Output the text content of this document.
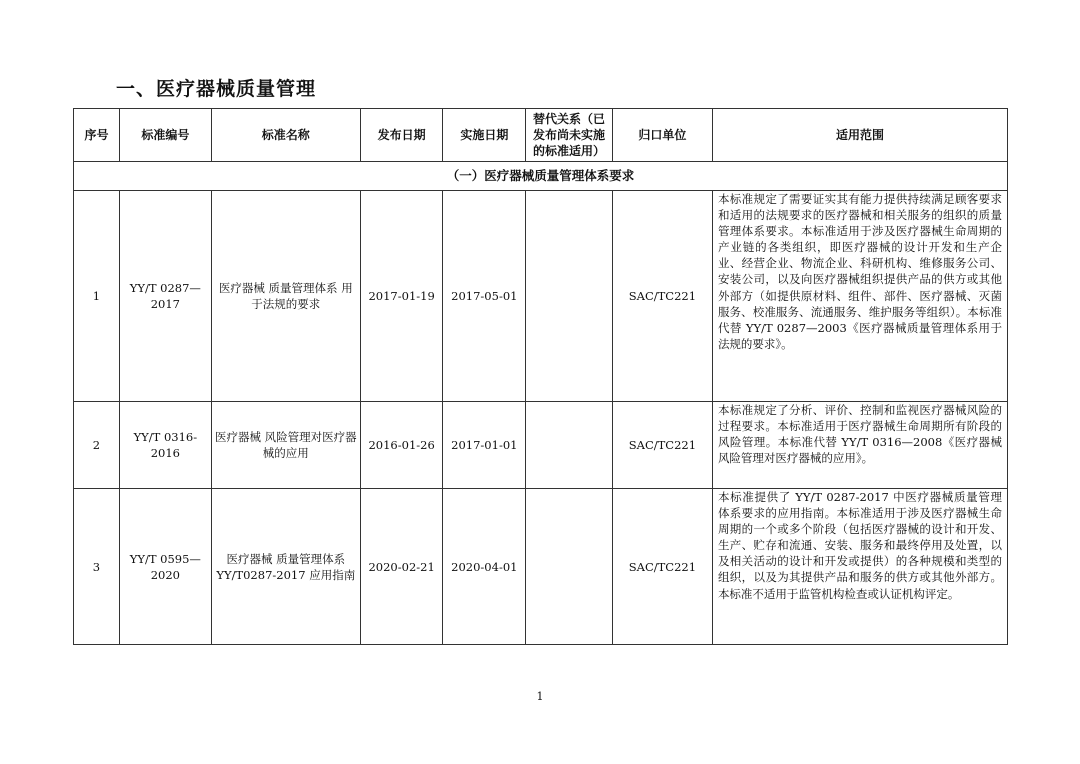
一、医疗器械质量管理
序号	标准编号	标准名称	发布日期	实施日期	替代关系（已发布尚未实施的标准适用）	归口单位	适用范围
（一）医疗器械质量管理体系要求							
1	YY/T 0287—2017	医疗器械 质量管理体系 用于法规的要求	2017-01-19	2017-05-01		SAC/TC221	本标准规定了需要证实其有能力提供持续满足顾客要求和适用的法规要求的医疗器械和相关服务的组织的质量管理体系要求。本标准适用于涉及医疗器械生命周期的产业链的各类组织，即医疗器械的设计开发和生产企业、经营企业、物流企业、科研机构、维修服务公司、安装公司，以及向医疗器械组织提供产品的供方或其他外部方（如提供原材料、组件、部件、医疗器械、灭菌服务、校准服务、流通服务、维护服务等组织）。本标准代替 YY/T 0287—2003《医疗器械质量管理体系用于法规的要求》。
2	YY/T 0316-2016	医疗器械 风险管理对医疗器械的应用	2016-01-26	2017-01-01		SAC/TC221	本标准规定了分析、评价、控制和监视医疗器械风险的过程要求。本标准适用于医疗器械生命周期所有阶段的风险管理。本标准代替 YY/T 0316—2008《医疗器械风险管理对医疗器械的应用》。
3	YY/T 0595—2020	医疗器械 质量管理体系 YY/T0287-2017 应用指南	2020-02-21	2020-04-01		SAC/TC221	本标准提供了 YY/T 0287-2017 中医疗器械质量管理体系要求的应用指南。本标准适用于涉及医疗器械生命周期的一个或多个阶段（包括医疗器械的设计和开发、生产、贮存和流通、安装、服务和最终停用及处置，以及相关活动的设计和开发或提供）的各种规模和类型的组织，以及为其提供产品和服务的供方或其他外部方。本标准不适用于监管机构检查或认证机构评定。
1
